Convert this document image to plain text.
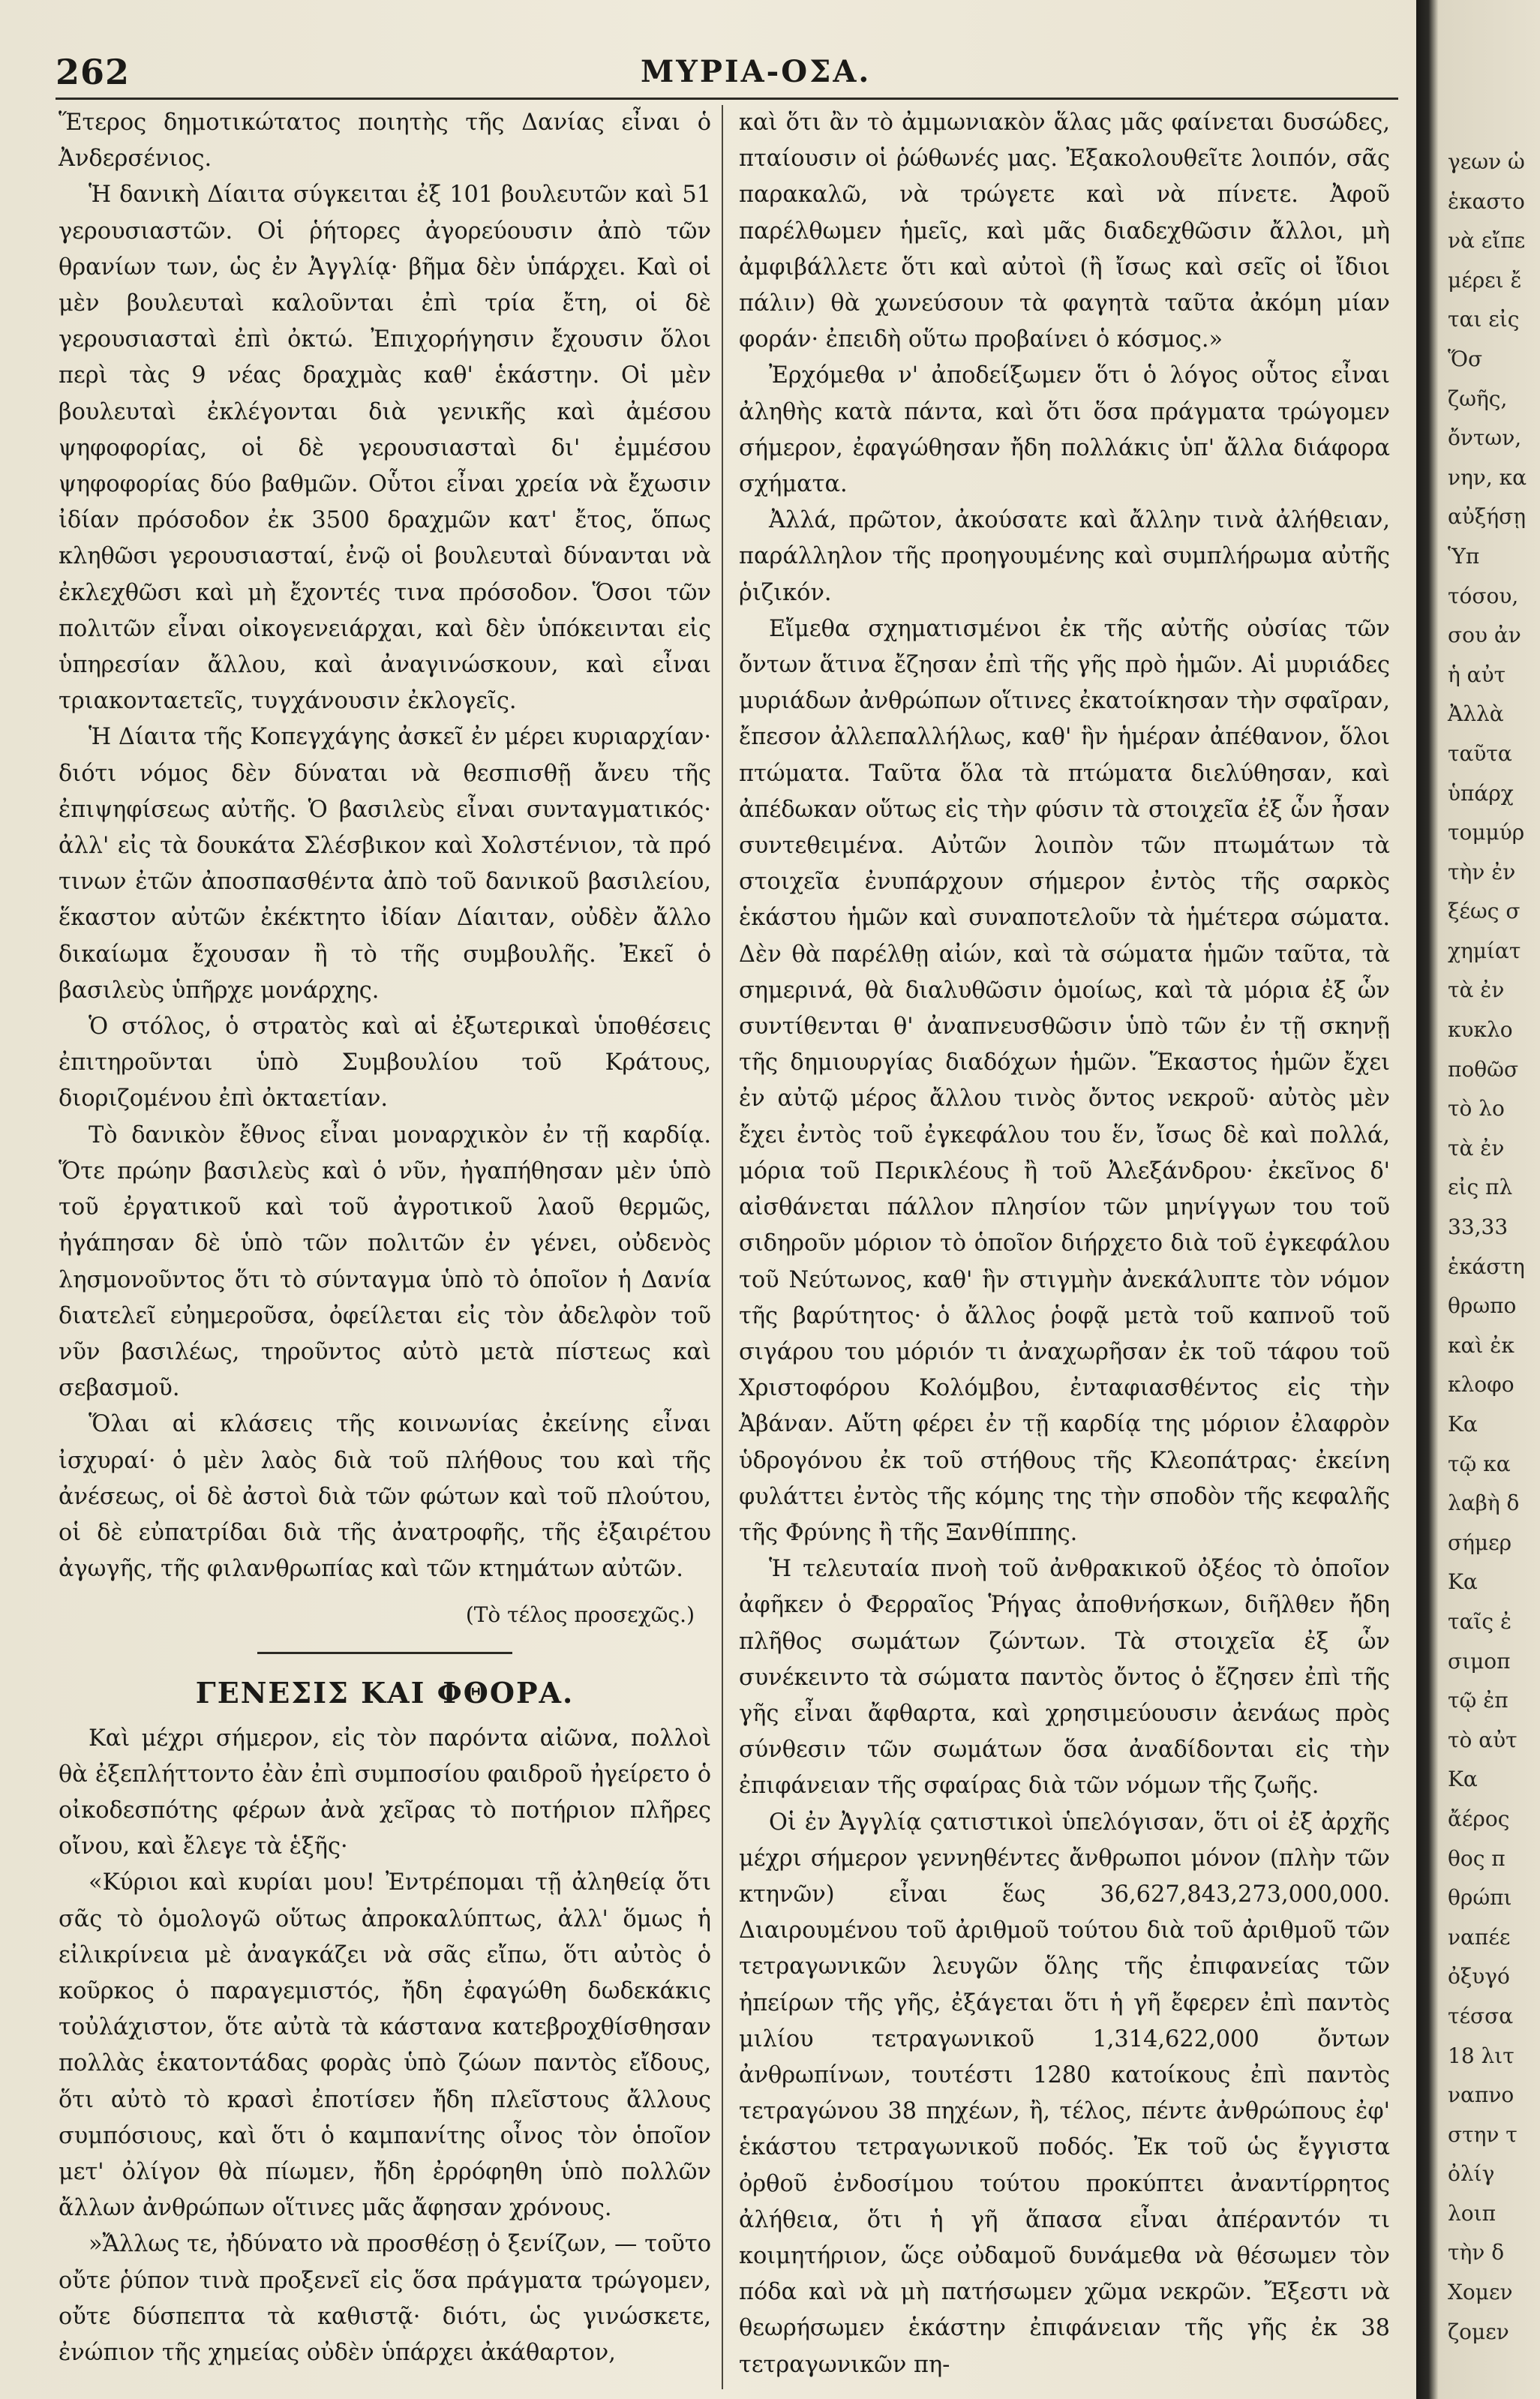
262	ΜΥΡΙΑ-ΟΣΑ.

Ἕτερος δημοτικώτατος ποιητὴς τῆς Δανίας εἶναι ὁ Ἀνδερσένιος.

Ἡ δανικὴ Δίαιτα σύγκειται ἐξ 101 βουλευτῶν καὶ 51 γερουσιαστῶν. Οἱ ῥήτορες ἀγορεύουσιν ἀπὸ τῶν θρανίων των, ὡς ἐν Ἀγγλίᾳ· βῆμα δὲν ὑπάρχει. Καὶ οἱ μὲν βουλευταὶ καλοῦνται ἐπὶ τρία ἔτη, οἱ δὲ γερουσιασταὶ ἐπὶ ὀκτώ. Ἐπιχορήγησιν ἔχουσιν ὅλοι περὶ τὰς 9 νέας δραχμὰς καθ' ἑκάστην. Οἱ μὲν βουλευταὶ ἐκλέγονται διὰ γενικῆς καὶ ἀμέσου ψηφοφορίας, οἱ δὲ γερουσιασταὶ δι' ἐμμέσου ψηφοφορίας δύο βαθμῶν. Οὗτοι εἶναι χρεία νὰ ἔχωσιν ἰδίαν πρόσοδον ἐκ 3500 δραχμῶν κατ' ἔτος, ὅπως κληθῶσι γερουσιασταί, ἐνῷ οἱ βουλευταὶ δύνανται νὰ ἐκλεχθῶσι καὶ μὴ ἔχοντές τινα πρόσοδον. Ὅσοι τῶν πολιτῶν εἶναι οἰκογενειάρχαι, καὶ δὲν ὑπόκεινται εἰς ὑπηρεσίαν ἄλλου, καὶ ἀναγινώσκουν, καὶ εἶναι τριακονταετεῖς, τυγχάνουσιν ἐκλογεῖς.

Ἡ Δίαιτα τῆς Κοπεγχάγης ἀσκεῖ ἐν μέρει κυριαρχίαν· διότι νόμος δὲν δύναται νὰ θεσπισθῇ ἄνευ τῆς ἐπιψηφίσεως αὐτῆς. Ὁ βασιλεὺς εἶναι συνταγματικός· ἀλλ' εἰς τὰ δουκάτα Σλέσβικον καὶ Χολστένιον, τὰ πρό τινων ἐτῶν ἀποσπασθέντα ἀπὸ τοῦ δανικοῦ βασιλείου, ἕκαστον αὐτῶν ἐκέκτητο ἰδίαν Δίαιταν, οὐδὲν ἄλλο δικαίωμα ἔχουσαν ἢ τὸ τῆς συμβουλῆς. Ἐκεῖ ὁ βασιλεὺς ὑπῆρχε μονάρχης.

Ὁ στόλος, ὁ στρατὸς καὶ αἱ ἐξωτερικαὶ ὑποθέσεις ἐπιτηροῦνται ὑπὸ Συμβουλίου τοῦ Κράτους, διοριζομένου ἐπὶ ὀκταετίαν.

Τὸ δανικὸν ἔθνος εἶναι μοναρχικὸν ἐν τῇ καρδίᾳ. Ὅτε πρώην βασιλεὺς καὶ ὁ νῦν, ἠγαπήθησαν μὲν ὑπὸ τοῦ ἐργατικοῦ καὶ τοῦ ἀγροτικοῦ λαοῦ θερμῶς, ἠγάπησαν δὲ ὑπὸ τῶν πολιτῶν ἐν γένει, οὐδενὸς λησμονοῦντος ὅτι τὸ σύνταγμα ὑπὸ τὸ ὁποῖον ἡ Δανία διατελεῖ εὐημεροῦσα, ὀφείλεται εἰς τὸν ἀδελφὸν τοῦ νῦν βασιλέως, τηροῦντος αὐτὸ μετὰ πίστεως καὶ σεβασμοῦ.

Ὅλαι αἱ κλάσεις τῆς κοινωνίας ἐκείνης εἶναι ἰσχυραί· ὁ μὲν λαὸς διὰ τοῦ πλήθους του καὶ τῆς ἀνέσεως, οἱ δὲ ἀστοὶ διὰ τῶν φώτων καὶ τοῦ πλούτου, οἱ δὲ εὐπατρίδαι διὰ τῆς ἀνατροφῆς, τῆς ἐξαιρέτου ἀγωγῆς, τῆς φιλανθρωπίας καὶ τῶν κτημάτων αὐτῶν.

(Τὸ τέλος προσεχῶς.)

ΓΕΝΕΣΙΣ ΚΑΙ ΦΘΟΡΑ.

Καὶ μέχρι σήμερον, εἰς τὸν παρόντα αἰῶνα, πολλοὶ θὰ ἐξεπλήττοντο ἐὰν ἐπὶ συμποσίου φαιδροῦ ἠγείρετο ὁ οἰκοδεσπότης φέρων ἀνὰ χεῖρας τὸ ποτήριον πλῆρες οἴνου, καὶ ἔλεγε τὰ ἑξῆς·

«Κύριοι καὶ κυρίαι μου! Ἐντρέπομαι τῇ ἀληθείᾳ ὅτι σᾶς τὸ ὁμολογῶ οὕτως ἀπροκαλύπτως, ἀλλ' ὅμως ἡ εἰλικρίνεια μὲ ἀναγκάζει νὰ σᾶς εἴπω, ὅτι αὐτὸς ὁ κοῦρκος ὁ παραγεμιστός, ἤδη ἐφαγώθη δωδεκάκις τοὐλάχιστον, ὅτε αὐτὰ τὰ κάστανα κατεβροχθίσθησαν πολλὰς ἑκατοντάδας φορὰς ὑπὸ ζώων παντὸς εἴδους, ὅτι αὐτὸ τὸ κρασὶ ἐποτίσεν ἤδη πλεῖστους ἄλλους συμπόσιους, καὶ ὅτι ὁ καμπανίτης οἶνος τὸν ὁποῖον μετ' ὀλίγον θὰ πίωμεν, ἤδη ἐρρόφηθη ὑπὸ πολλῶν ἄλλων ἀνθρώπων οἵτινες μᾶς ἄφησαν χρόνους.

»Ἄλλως τε, ἠδύνατο νὰ προσθέσῃ ὁ ξενίζων, — τοῦτο οὔτε ῥύπον τινὰ προξενεῖ εἰς ὅσα πράγματα τρώγομεν, οὔτε δύσπεπτα τὰ καθιστᾷ· διότι, ὡς γινώσκετε, ἐνώπιον τῆς χημείας οὐδὲν ὑπάρχει ἀκάθαρτον,

καὶ ὅτι ἂν τὸ ἀμμωνιακὸν ἅλας μᾶς φαίνεται δυσώδες, πταίουσιν οἱ ῥώθωνές μας. Ἐξακολουθεῖτε λοιπόν, σᾶς παρακαλῶ, νὰ τρώγετε καὶ νὰ πίνετε. Ἀφοῦ παρέλθωμεν ἡμεῖς, καὶ μᾶς διαδεχθῶσιν ἄλλοι, μὴ ἀμφιβάλλετε ὅτι καὶ αὐτοὶ (ἢ ἴσως καὶ σεῖς οἱ ἴδιοι πάλιν) θὰ χωνεύσουν τὰ φαγητὰ ταῦτα ἀκόμη μίαν φοράν· ἐπειδὴ οὕτω προβαίνει ὁ κόσμος.»

Ἐρχόμεθα ν' ἀποδείξωμεν ὅτι ὁ λόγος οὗτος εἶναι ἀληθὴς κατὰ πάντα, καὶ ὅτι ὅσα πράγματα τρώγομεν σήμερον, ἐφαγώθησαν ἤδη πολλάκις ὑπ' ἄλλα διάφορα σχήματα.

Ἀλλά, πρῶτον, ἀκούσατε καὶ ἄλλην τινὰ ἀλήθειαν, παράλληλον τῆς προηγουμένης καὶ συμπλήρωμα αὐτῆς ῥιζικόν.

Εἴμεθα σχηματισμένοι ἐκ τῆς αὐτῆς οὐσίας τῶν ὄντων ἅτινα ἔζησαν ἐπὶ τῆς γῆς πρὸ ἡμῶν. Αἱ μυριάδες μυριάδων ἀνθρώπων οἵτινες ἐκατοίκησαν τὴν σφαῖραν, ἔπεσον ἀλλεπαλλήλως, καθ' ἣν ἡμέραν ἀπέθανον, ὅλοι πτώματα. Ταῦτα ὅλα τὰ πτώματα διελύθησαν, καὶ ἀπέδωκαν οὕτως εἰς τὴν φύσιν τὰ στοιχεῖα ἐξ ὧν ἦσαν συντεθειμένα. Αὐτῶν λοιπὸν τῶν πτωμάτων τὰ στοιχεῖα ἐνυπάρχουν σήμερον ἐντὸς τῆς σαρκὸς ἑκάστου ἡμῶν καὶ συναποτελοῦν τὰ ἡμέτερα σώματα. Δὲν θὰ παρέλθῃ αἰών, καὶ τὰ σώματα ἡμῶν ταῦτα, τὰ σημερινά, θὰ διαλυθῶσιν ὁμοίως, καὶ τὰ μόρια ἐξ ὧν συντίθενται θ' ἀναπνευσθῶσιν ὑπὸ τῶν ἐν τῇ σκηνῇ τῆς δημιουργίας διαδόχων ἡμῶν. Ἕκαστος ἡμῶν ἔχει ἐν αὐτῷ μέρος ἄλλου τινὸς ὄντος νεκροῦ· αὐτὸς μὲν ἔχει ἐντὸς τοῦ ἐγκεφάλου του ἕν, ἴσως δὲ καὶ πολλά, μόρια τοῦ Περικλέους ἢ τοῦ Ἀλεξάνδρου· ἐκεῖνος δ' αἰσθάνεται πάλλον πλησίον τῶν μηνίγγων του τοῦ σιδηροῦν μόριον τὸ ὁποῖον διήρχετο διὰ τοῦ ἐγκεφάλου τοῦ Νεύτωνος, καθ' ἣν στιγμὴν ἀνεκάλυπτε τὸν νόμον τῆς βαρύτητος· ὁ ἄλλος ῥοφᾷ μετὰ τοῦ καπνοῦ τοῦ σιγάρου του μόριόν τι ἀναχωρῆσαν ἐκ τοῦ τάφου τοῦ Χριστοφόρου Κολόμβου, ἐνταφιασθέντος εἰς τὴν Ἀβάναν. Αὕτη φέρει ἐν τῇ καρδίᾳ της μόριον ἐλαφρὸν ὑδρογόνου ἐκ τοῦ στήθους τῆς Κλεοπάτρας· ἐκείνη φυλάττει ἐντὸς τῆς κόμης της τὴν σποδὸν τῆς κεφαλῆς τῆς Φρύνης ἢ τῆς Ξανθίππης.

Ἡ τελευταία πνοὴ τοῦ ἀνθρακικοῦ ὀξέος τὸ ὁποῖον ἀφῆκεν ὁ Φερραῖος Ῥήγας ἀποθνήσκων, διῆλθεν ἤδη πλῆθος σωμάτων ζώντων. Τὰ στοιχεῖα ἐξ ὧν συνέκειντο τὰ σώματα παντὸς ὄντος ὁ ἔζησεν ἐπὶ τῆς γῆς εἶναι ἄφθαρτα, καὶ χρησιμεύουσιν ἀενάως πρὸς σύνθεσιν τῶν σωμάτων ὅσα ἀναδίδονται εἰς τὴν ἐπιφάνειαν τῆς σφαίρας διὰ τῶν νόμων τῆς ζωῆς.

Οἱ ἐν Ἀγγλίᾳ ςατιστικοὶ ὑπελόγισαν, ὅτι οἱ ἐξ ἀρχῆς μέχρι σήμερον γεννηθέντες ἄνθρωποι μόνον (πλὴν τῶν κτηνῶν) εἶναι ἕως 36,627,843,273,000,000. Διαιρουμένου τοῦ ἀριθμοῦ τούτου διὰ τοῦ ἀριθμοῦ τῶν τετραγωνικῶν λευγῶν ὅλης τῆς ἐπιφανείας τῶν ἠπείρων τῆς γῆς, ἐξάγεται ὅτι ἡ γῆ ἔφερεν ἐπὶ παντὸς μιλίου τετραγωνικοῦ 1,314,622,000 ὄντων ἀνθρωπίνων, τουτέστι 1280 κατοίκους ἐπὶ παντὸς τετραγώνου 38 πηχέων, ἢ, τέλος, πέντε ἀνθρώπους ἐφ' ἑκάστου τετραγωνικοῦ ποδός. Ἐκ τοῦ ὡς ἔγγιστα ὀρθοῦ ἐνδοσίμου τούτου προκύπτει ἀναντίρρητος ἀλήθεια, ὅτι ἡ γῆ ἅπασα εἶναι ἀπέραντόν τι κοιμητήριον, ὥςε οὐδαμοῦ δυνάμεθα νὰ θέσωμεν τὸν πόδα καὶ νὰ μὴ πατήσωμεν χῶμα νεκρῶν. Ἔξεστι νὰ θεωρήσωμεν ἑκάστην ἐπιφάνειαν τῆς γῆς ἐκ 38 τετραγωνικῶν πη-

γεων ὡ
ἑκαστο
νὰ εἴπε
μέρει ἔ
ται εἰς
Ὅσ
ζωῆς,
ὄντων,
νην, κα
αὐξήσῃ
Ὑπ
τόσου,
σου ἀν
ἡ αὐτ
Ἀλλὰ
ταῦτα
ὑπάρχ
τομμύρ
τὴν ἐν
ξέως σ
χημίατ
τὰ ἐν
κυκλο
ποθῶσ
τὸ λο
τὰ ἐν
εἰς πλ
33,33
ἑκάστη
θρωπο
καὶ ἐκ
κλοφο
Κα
τῷ κα
λαβὴ δ
σήμερ
Κα
ταῖς ἐ
σιμοπ
τῷ ἐπ
τὸ αὐτ
Κα
ἄέρος
θος π
θρώπι
ναπέε
ὀξυγό
τέσσα
18 λιτ
ναπνο
στην τ
ὀλίγ
λοιπ
τὴν δ
Χομεν
ζομεν
